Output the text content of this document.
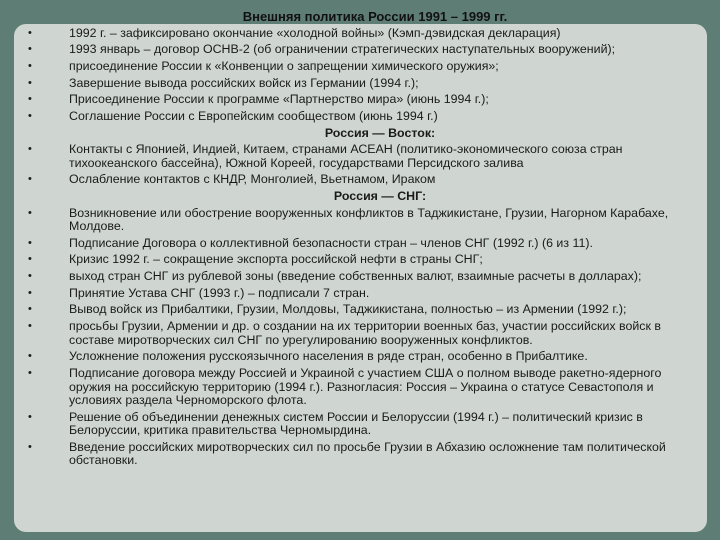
Внешняя политика России 1991 – 1999 гг.
•	1992 г. – зафиксировано окончание «холодной войны» (Кэмп-дэвидская декларация)
•	1993 январь – договор ОСНВ-2 (об ограничении стратегических наступательных вооружений);
•	присоединение России к «Конвенции о запрещении химического оружия»;
•	Завершение вывода российских войск из Германии (1994 г.);
•	Присоединение России к программе «Партнерство мира» (июнь 1994 г.);
•	Соглашение России с Европейским сообществом (июнь 1994 г.)
Россия — Восток:
•	Контакты с Японией, Индией, Китаем, странами АСЕАН (политико-экономического союза стран тихоокеанского бассейна), Южной Кореей, государствами Персидского залива
•	Ослабление контактов с КНДР, Монголией, Вьетнамом, Ираком
Россия — СНГ:
•	Возникновение или обострение вооруженных конфликтов в Таджикистане, Грузии, Нагорном Карабахе, Молдове.
•	Подписание Договора о коллективной безопасности стран – членов СНГ (1992 г.) (6 из 11).
•	Кризис 1992 г. – сокращение экспорта российской нефти в страны СНГ;
•	выход стран СНГ из рублевой зоны (введение собственных валют, взаимные расчеты в долларах);
•	Принятие Устава СНГ (1993 г.) – подписали 7 стран.
•	Вывод войск из Прибалтики, Грузии, Молдовы, Таджикистана, полностью – из Армении (1992 г.);
•	просьбы Грузии, Армении и др. о создании на их территории военных баз, участии российских войск в составе миротворческих сил СНГ по урегулированию вооруженных конфликтов.
•	Усложнение положения русскоязычного населения в ряде стран, особенно в Прибалтике.
•	Подписание договора между Россией и Украиной с участием США о полном выводе ракетно-ядерного оружия на российскую территорию (1994 г.). Разногласия: Россия – Украина о статусе Севастополя и условиях раздела Черноморского флота.
•	Решение об объединении денежных систем России и Белоруссии (1994 г.) – политический кризис в Белоруссии, критика правительства Черномырдина.
•	Введение российских миротворческих сил по просьбе Грузии в Абхазию осложнение там политической обстановки.
